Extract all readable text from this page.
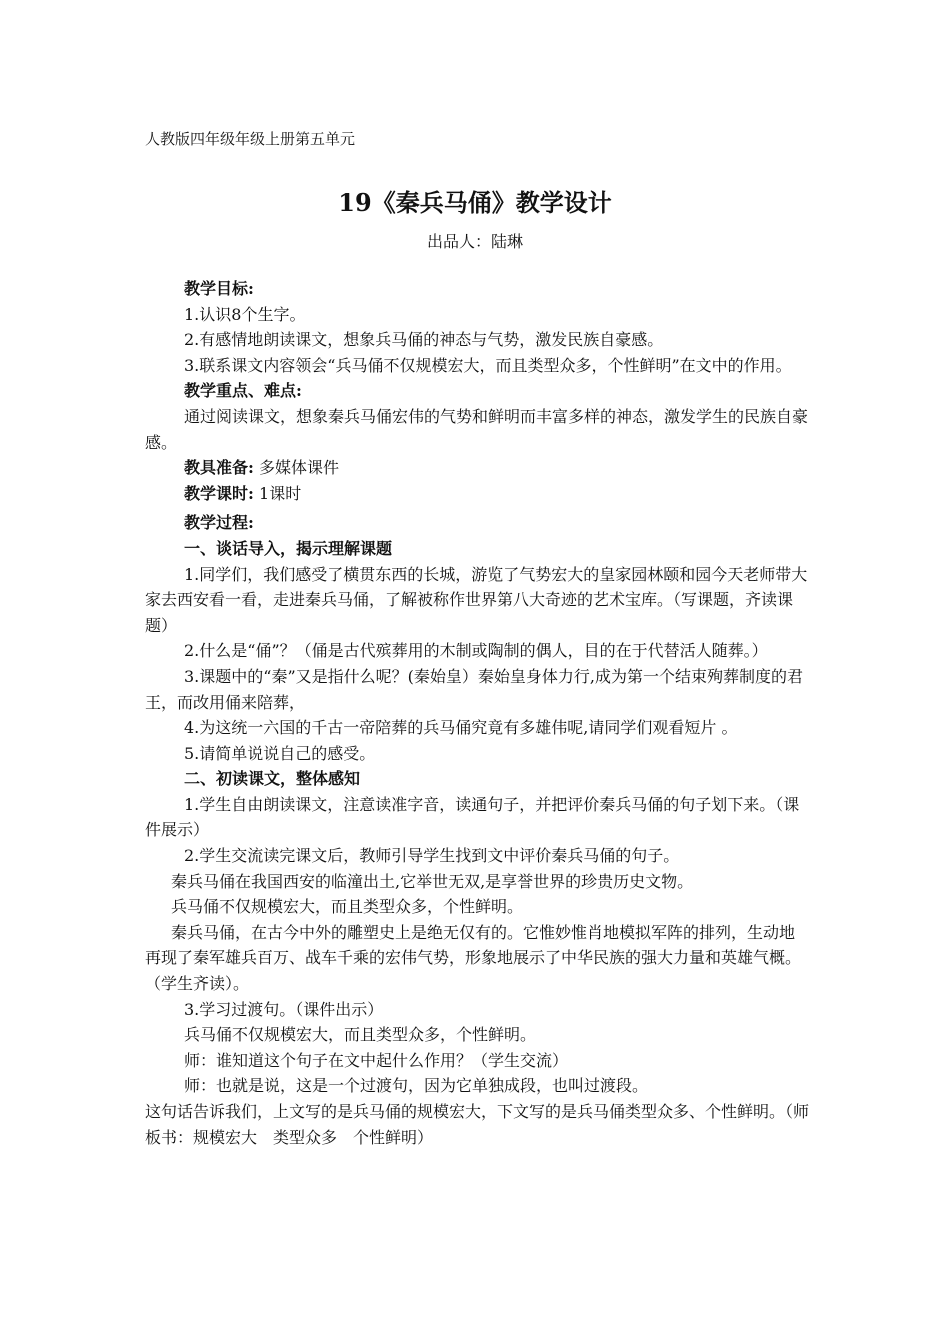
人教版四年级年级上册第五单元
19《秦兵马俑》教学设计
出品人：陆琳

教学目标:

1.认识8个生字。

2.有感情地朗读课文，想象兵马俑的神态与气势，激发民族自豪感。

3.联系课文内容领会“兵马俑不仅规模宏大，而且类型众多，个性鲜明”在文中的作用。

教学重点、难点:

通过阅读课文，想象秦兵马俑宏伟的气势和鲜明而丰富多样的神态，激发学生的民族自豪感。

教具准备: 多媒体课件

教学课时: 1课时

教学过程:

一、谈话导入，揭示理解课题

1.同学们，我们感受了横贯东西的长城，游览了气势宏大的皇家园林颐和园今天老师带大家去西安看一看，走进秦兵马俑，了解被称作世界第八大奇迹的艺术宝库。（写课题，齐读课题）

2.什么是“俑”？（俑是古代殡葬用的木制或陶制的偶人，目的在于代替活人随葬。）

3.课题中的“秦”又是指什么呢？(秦始皇）秦始皇身体力行,成为第一个结束殉葬制度的君王，而改用俑来陪葬，

4.为这统一六国的千古一帝陪葬的兵马俑究竟有多雄伟呢,请同学们观看短片 。

5.请简单说说自己的感受。

二、初读课文，整体感知

1.学生自由朗读课文，注意读准字音，读通句子，并把评价秦兵马俑的句子划下来。（课件展示）

2.学生交流读完课文后，教师引导学生找到文中评价秦兵马俑的句子。

秦兵马俑在我国西安的临潼出土,它举世无双,是享誉世界的珍贵历史文物。

兵马俑不仅规模宏大，而且类型众多，个性鲜明。

秦兵马俑，在古今中外的雕塑史上是绝无仅有的。它惟妙惟肖地模拟军阵的排列，生动地再现了秦军雄兵百万、战车千乘的宏伟气势，形象地展示了中华民族的强大力量和英雄气概。（学生齐读）。

3.学习过渡句。（课件出示）

兵马俑不仅规模宏大，而且类型众多，个性鲜明。

师：谁知道这个句子在文中起什么作用？（学生交流）

师：也就是说，这是一个过渡句，因为它单独成段，也叫过渡段。

这句话告诉我们，上文写的是兵马俑的规模宏大，下文写的是兵马俑类型众多、个性鲜明。（师板书：规模宏大　类型众多　个性鲜明）
